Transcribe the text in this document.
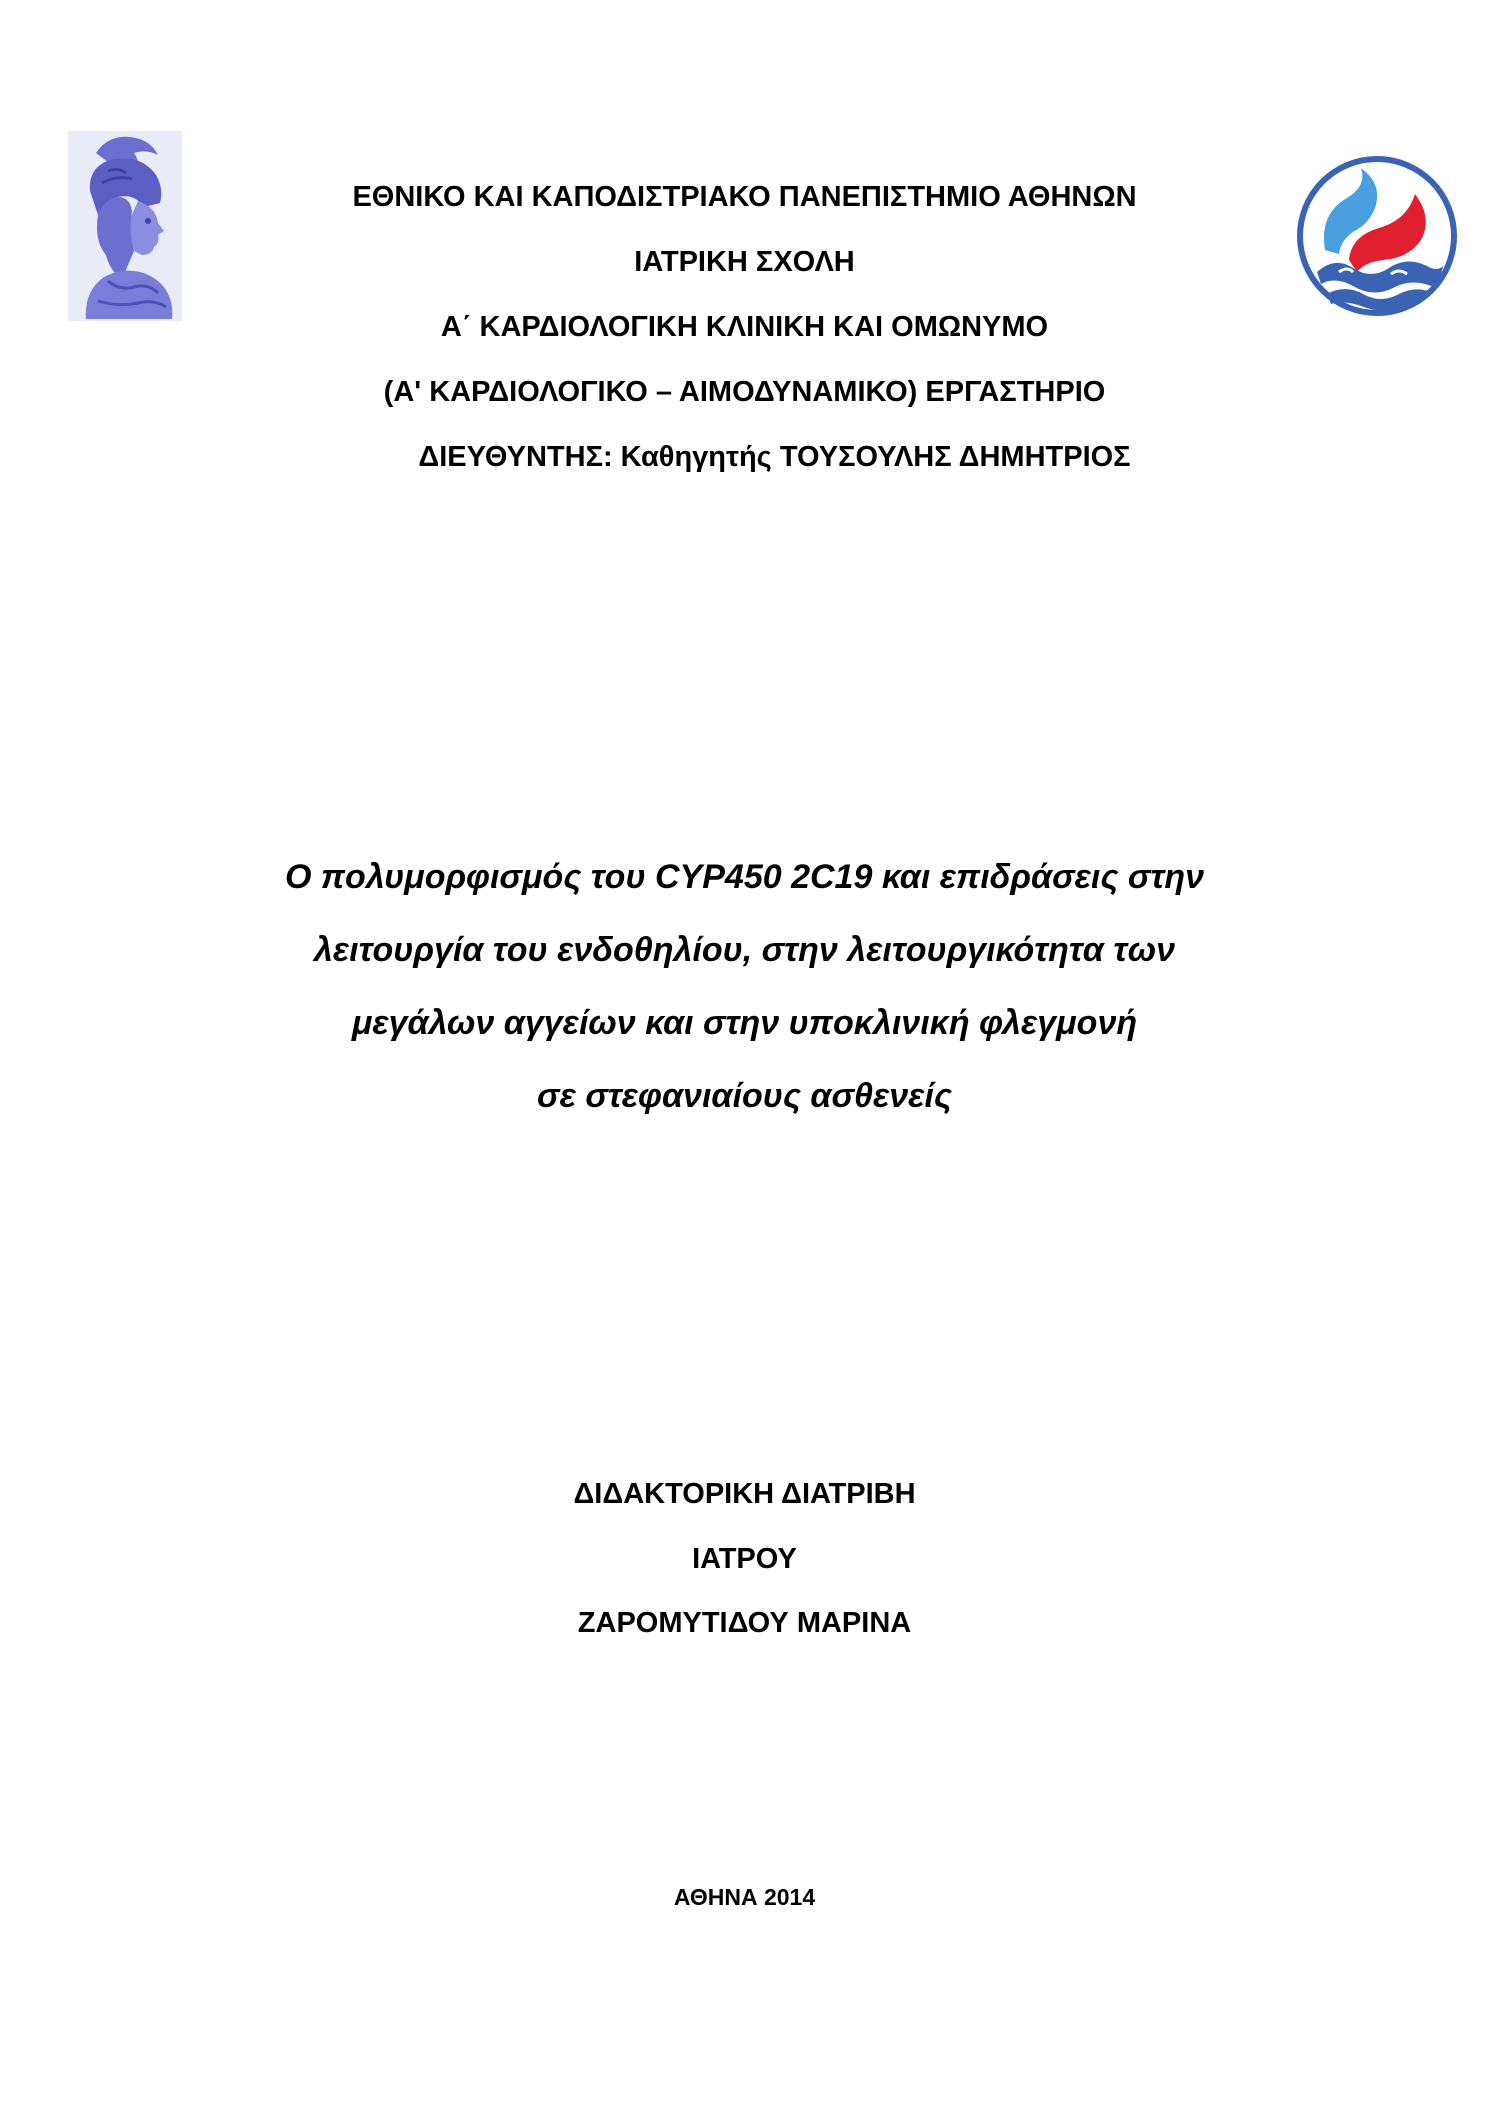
ΕΘΝΙΚΟ ΚΑΙ ΚΑΠΟΔΙΣΤΡΙΑΚΟ ΠΑΝΕΠΙΣΤΗΜΙΟ ΑΘΗΝΩΝ
ΙΑΤΡΙΚΗ ΣΧΟΛΗ
Α΄ ΚΑΡΔΙΟΛΟΓΙΚΗ ΚΛΙΝΙΚΗ ΚΑΙ ΟΜΩΝΥΜΟ
(Α' ΚΑΡΔΙΟΛΟΓΙΚΟ – ΑΙΜΟΔΥΝΑΜΙΚΟ) ΕΡΓΑΣΤΗΡΙΟ
ΔΙΕΥΘΥΝΤΗΣ: Καθηγητής ΤΟΥΣΟΥΛΗΣ ΔΗΜΗΤΡΙΟΣ
Ο πολυμορφισμός του CYP450 2C19 και επιδράσεις στην
λειτουργία του ενδοθηλίου, στην λειτουργικότητα των
μεγάλων αγγείων και στην υποκλινική φλεγμονή
σε στεφανιαίους ασθενείς
ΔΙΔΑΚΤΟΡΙΚΗ ΔΙΑΤΡΙΒΗ
ΙΑΤΡΟΥ
ΖΑΡΟΜΥΤΙΔΟΥ ΜΑΡΙΝΑ
ΑΘΗΝΑ 2014
